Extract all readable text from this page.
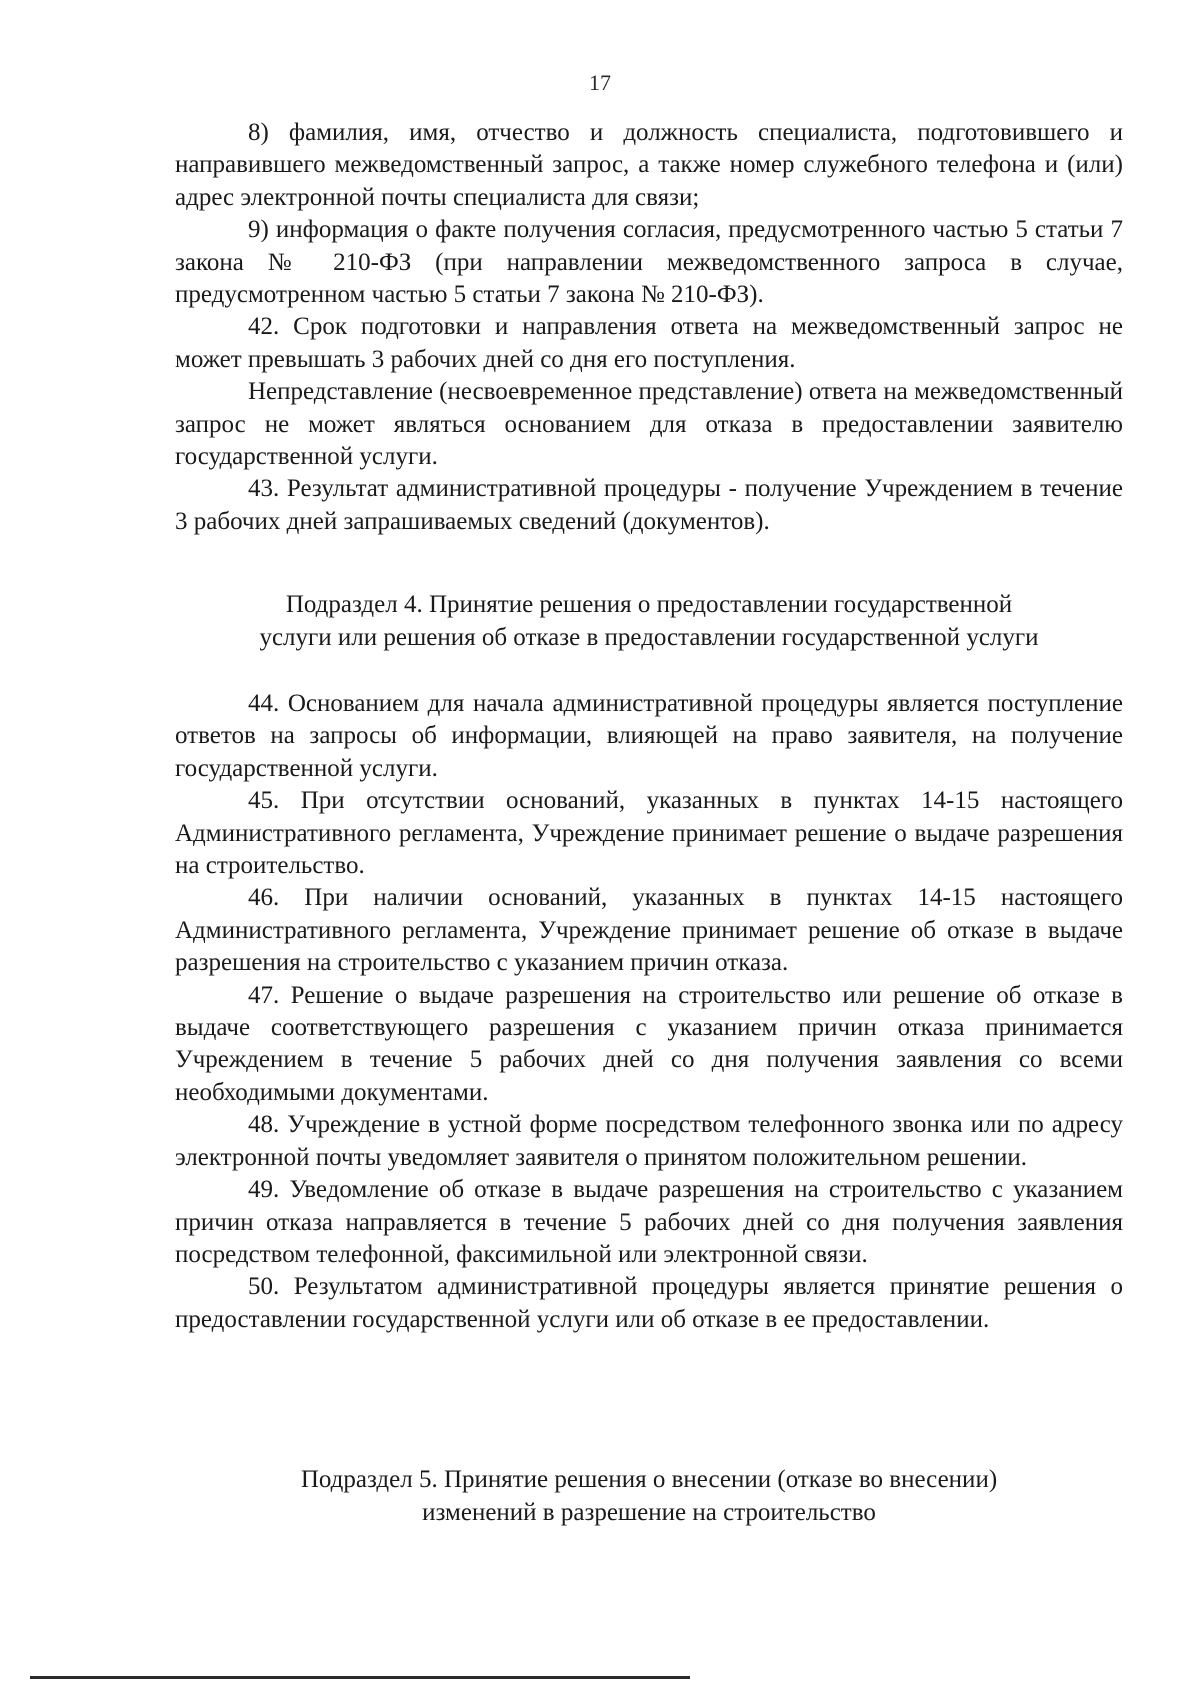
17

8) фамилия, имя, отчество и должность специалиста, подготовившего и направившего межведомственный запрос, а также номер служебного телефона и (или) адрес электронной почты специалиста для связи;

9) информация о факте получения согласия, предусмотренного частью 5 статьи 7 закона № 210-ФЗ (при направлении межведомственного запроса в случае, предусмотренном частью 5 статьи 7 закона № 210-ФЗ).

42. Срок подготовки и направления ответа на межведомственный запрос не может превышать 3 рабочих дней со дня его поступления.

Непредставление (несвоевременное представление) ответа на межведомственный запрос не может являться основанием для отказа в предоставлении заявителю государственной услуги.

43. Результат административной процедуры - получение Учреждением в течение 3 рабочих дней запрашиваемых сведений (документов).

Подраздел 4. Принятие решения о предоставлении государственной
услуги или решения об отказе в предоставлении государственной услуги

44. Основанием для начала административной процедуры является поступление ответов на запросы об информации, влияющей на право заявителя, на получение государственной услуги.

45. При отсутствии оснований, указанных в пунктах 14-15 настоящего Административного регламента, Учреждение принимает решение о выдаче разрешения на строительство.

46. При наличии оснований, указанных в пунктах 14-15 настоящего Административного регламента, Учреждение принимает решение об отказе в выдаче разрешения на строительство с указанием причин отказа.

47. Решение о выдаче разрешения на строительство или решение об отказе в выдаче соответствующего разрешения с указанием причин отказа принимается Учреждением в течение 5 рабочих дней со дня получения заявления со всеми необходимыми документами.

48. Учреждение в устной форме посредством телефонного звонка или по адресу электронной почты уведомляет заявителя о принятом положительном решении.

49. Уведомление об отказе в выдаче разрешения на строительство с указанием причин отказа направляется в течение 5 рабочих дней со дня получения заявления посредством телефонной, факсимильной или электронной связи.

50. Результатом административной процедуры является принятие решения о предоставлении государственной услуги или об отказе в ее предоставлении.

Подраздел 5. Принятие решения о внесении (отказе во внесении)
изменений в разрешение на строительство
